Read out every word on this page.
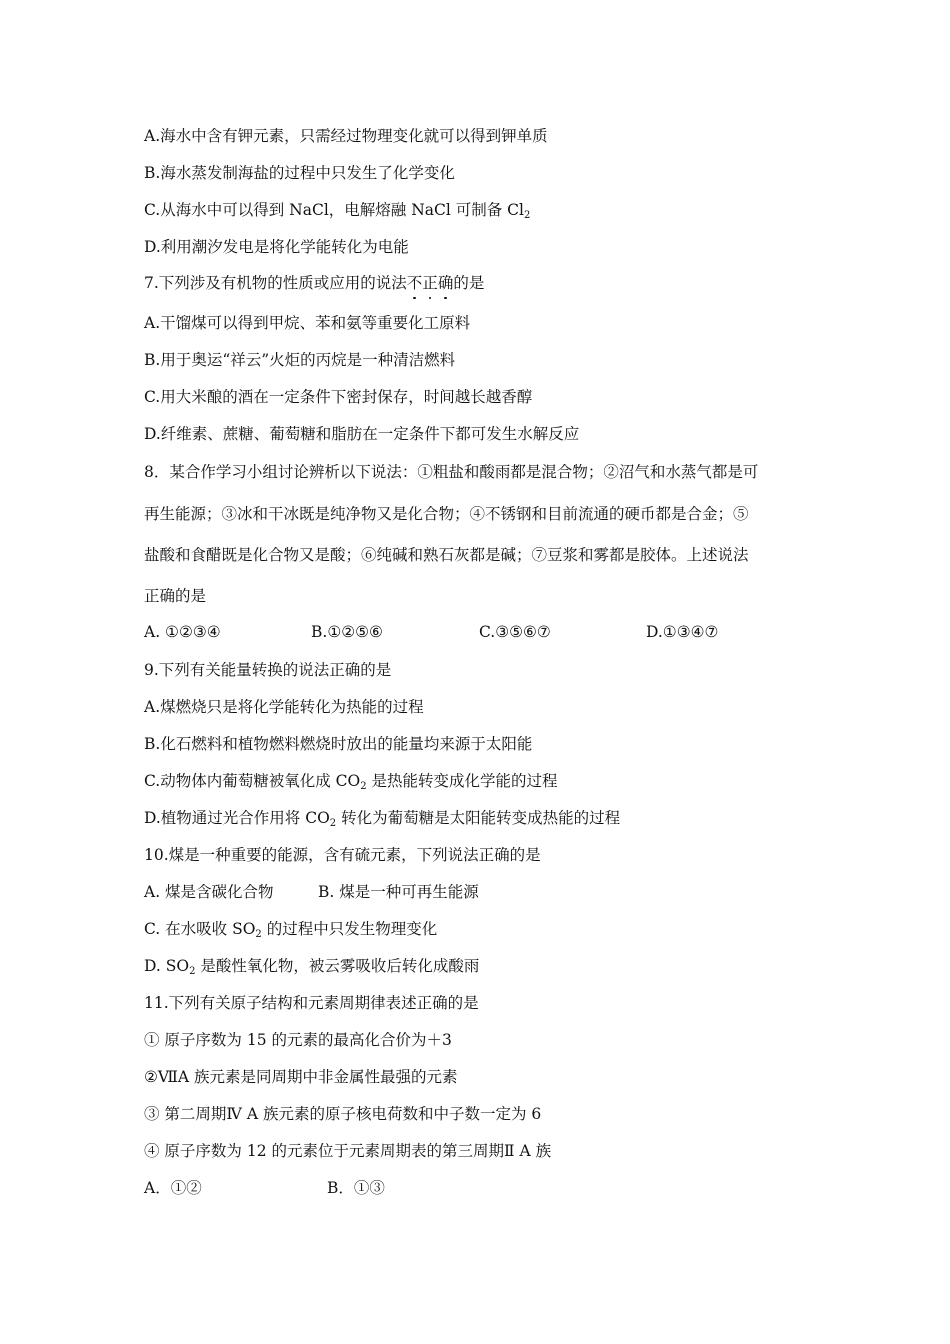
A.海水中含有钾元素，只需经过物理变化就可以得到钾单质
B.海水蒸发制海盐的过程中只发生了化学变化
C.从海水中可以得到 NaCl，电解熔融 NaCl 可制备 $Cl_2$
D.利用潮汐发电是将化学能转化为电能
7.下列涉及有机物的性质或应用的说法不正确的是
A.干馏煤可以得到甲烷、苯和氨等重要化工原料
B.用于奥运“祥云”火炬的丙烷是一种清洁燃料
C.用大米酿的酒在一定条件下密封保存，时间越长越香醇
D.纤维素、蔗糖、葡萄糖和脂肪在一定条件下都可发生水解反应
8．某合作学习小组讨论辨析以下说法：①粗盐和酸雨都是混合物；②沼气和水蒸气都是可
再生能源；③冰和干冰既是纯净物又是化合物；④不锈钢和目前流通的硬币都是合金；⑤
盐酸和食醋既是化合物又是酸；⑥纯碱和熟石灰都是碱；⑦豆浆和雾都是胶体。上述说法
正确的是
A. ①②③④	B.①②⑤⑥	C.③⑤⑥⑦	D.①③④⑦
9.下列有关能量转换的说法正确的是
A.煤燃烧只是将化学能转化为热能的过程
B.化石燃料和植物燃料燃烧时放出的能量均来源于太阳能
C.动物体内葡萄糖被氧化成 $CO_2$ 是热能转变成化学能的过程
D.植物通过光合作用将 $CO_2$ 转化为葡萄糖是太阳能转变成热能的过程
10.煤是一种重要的能源，含有硫元素，下列说法正确的是
A. 煤是含碳化合物	B. 煤是一种可再生能源
C. 在水吸收 $SO_2$ 的过程中只发生物理变化
D. $SO_2$ 是酸性氧化物，被云雾吸收后转化成酸雨
11.下列有关原子结构和元素周期律表述正确的是
① 原子序数为 15 的元素的最高化合价为＋3
②ⅦA 族元素是同周期中非金属性最强的元素
③ 第二周期Ⅳ A 族元素的原子核电荷数和中子数一定为 6
④ 原子序数为 12 的元素位于元素周期表的第三周期Ⅱ A 族
A．①②	B．①③
